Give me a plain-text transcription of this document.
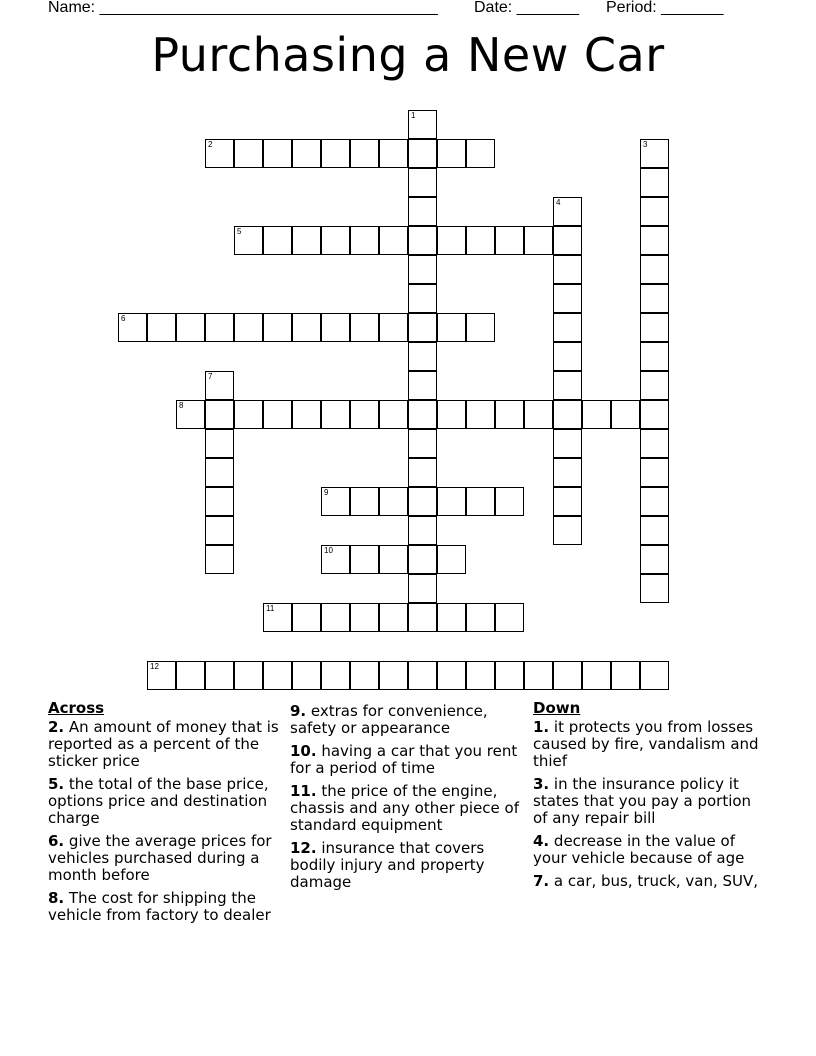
Name: ______________________________________ Date: _______ Period: _______
Purchasing a New Car
1
2	3
4
5
6
7
8
9
10
11
12
Across
2. An amount of money that is reported as a percent of the sticker price
5. the total of the base price, options price and destination charge
6. give the average prices for vehicles purchased during a month before
8. The cost for shipping the vehicle from factory to dealer
9. extras for convenience, safety or appearance
10. having a car that you rent for a period of time
11. the price of the engine, chassis and any other piece of standard equipment
12. insurance that covers bodily injury and property damage
Down
1. it protects you from losses caused by fire, vandalism and thief
3. in the insurance policy it states that you pay a portion of any repair bill
4. decrease in the value of your vehicle because of age
7. a car, bus, truck, van, SUV,
